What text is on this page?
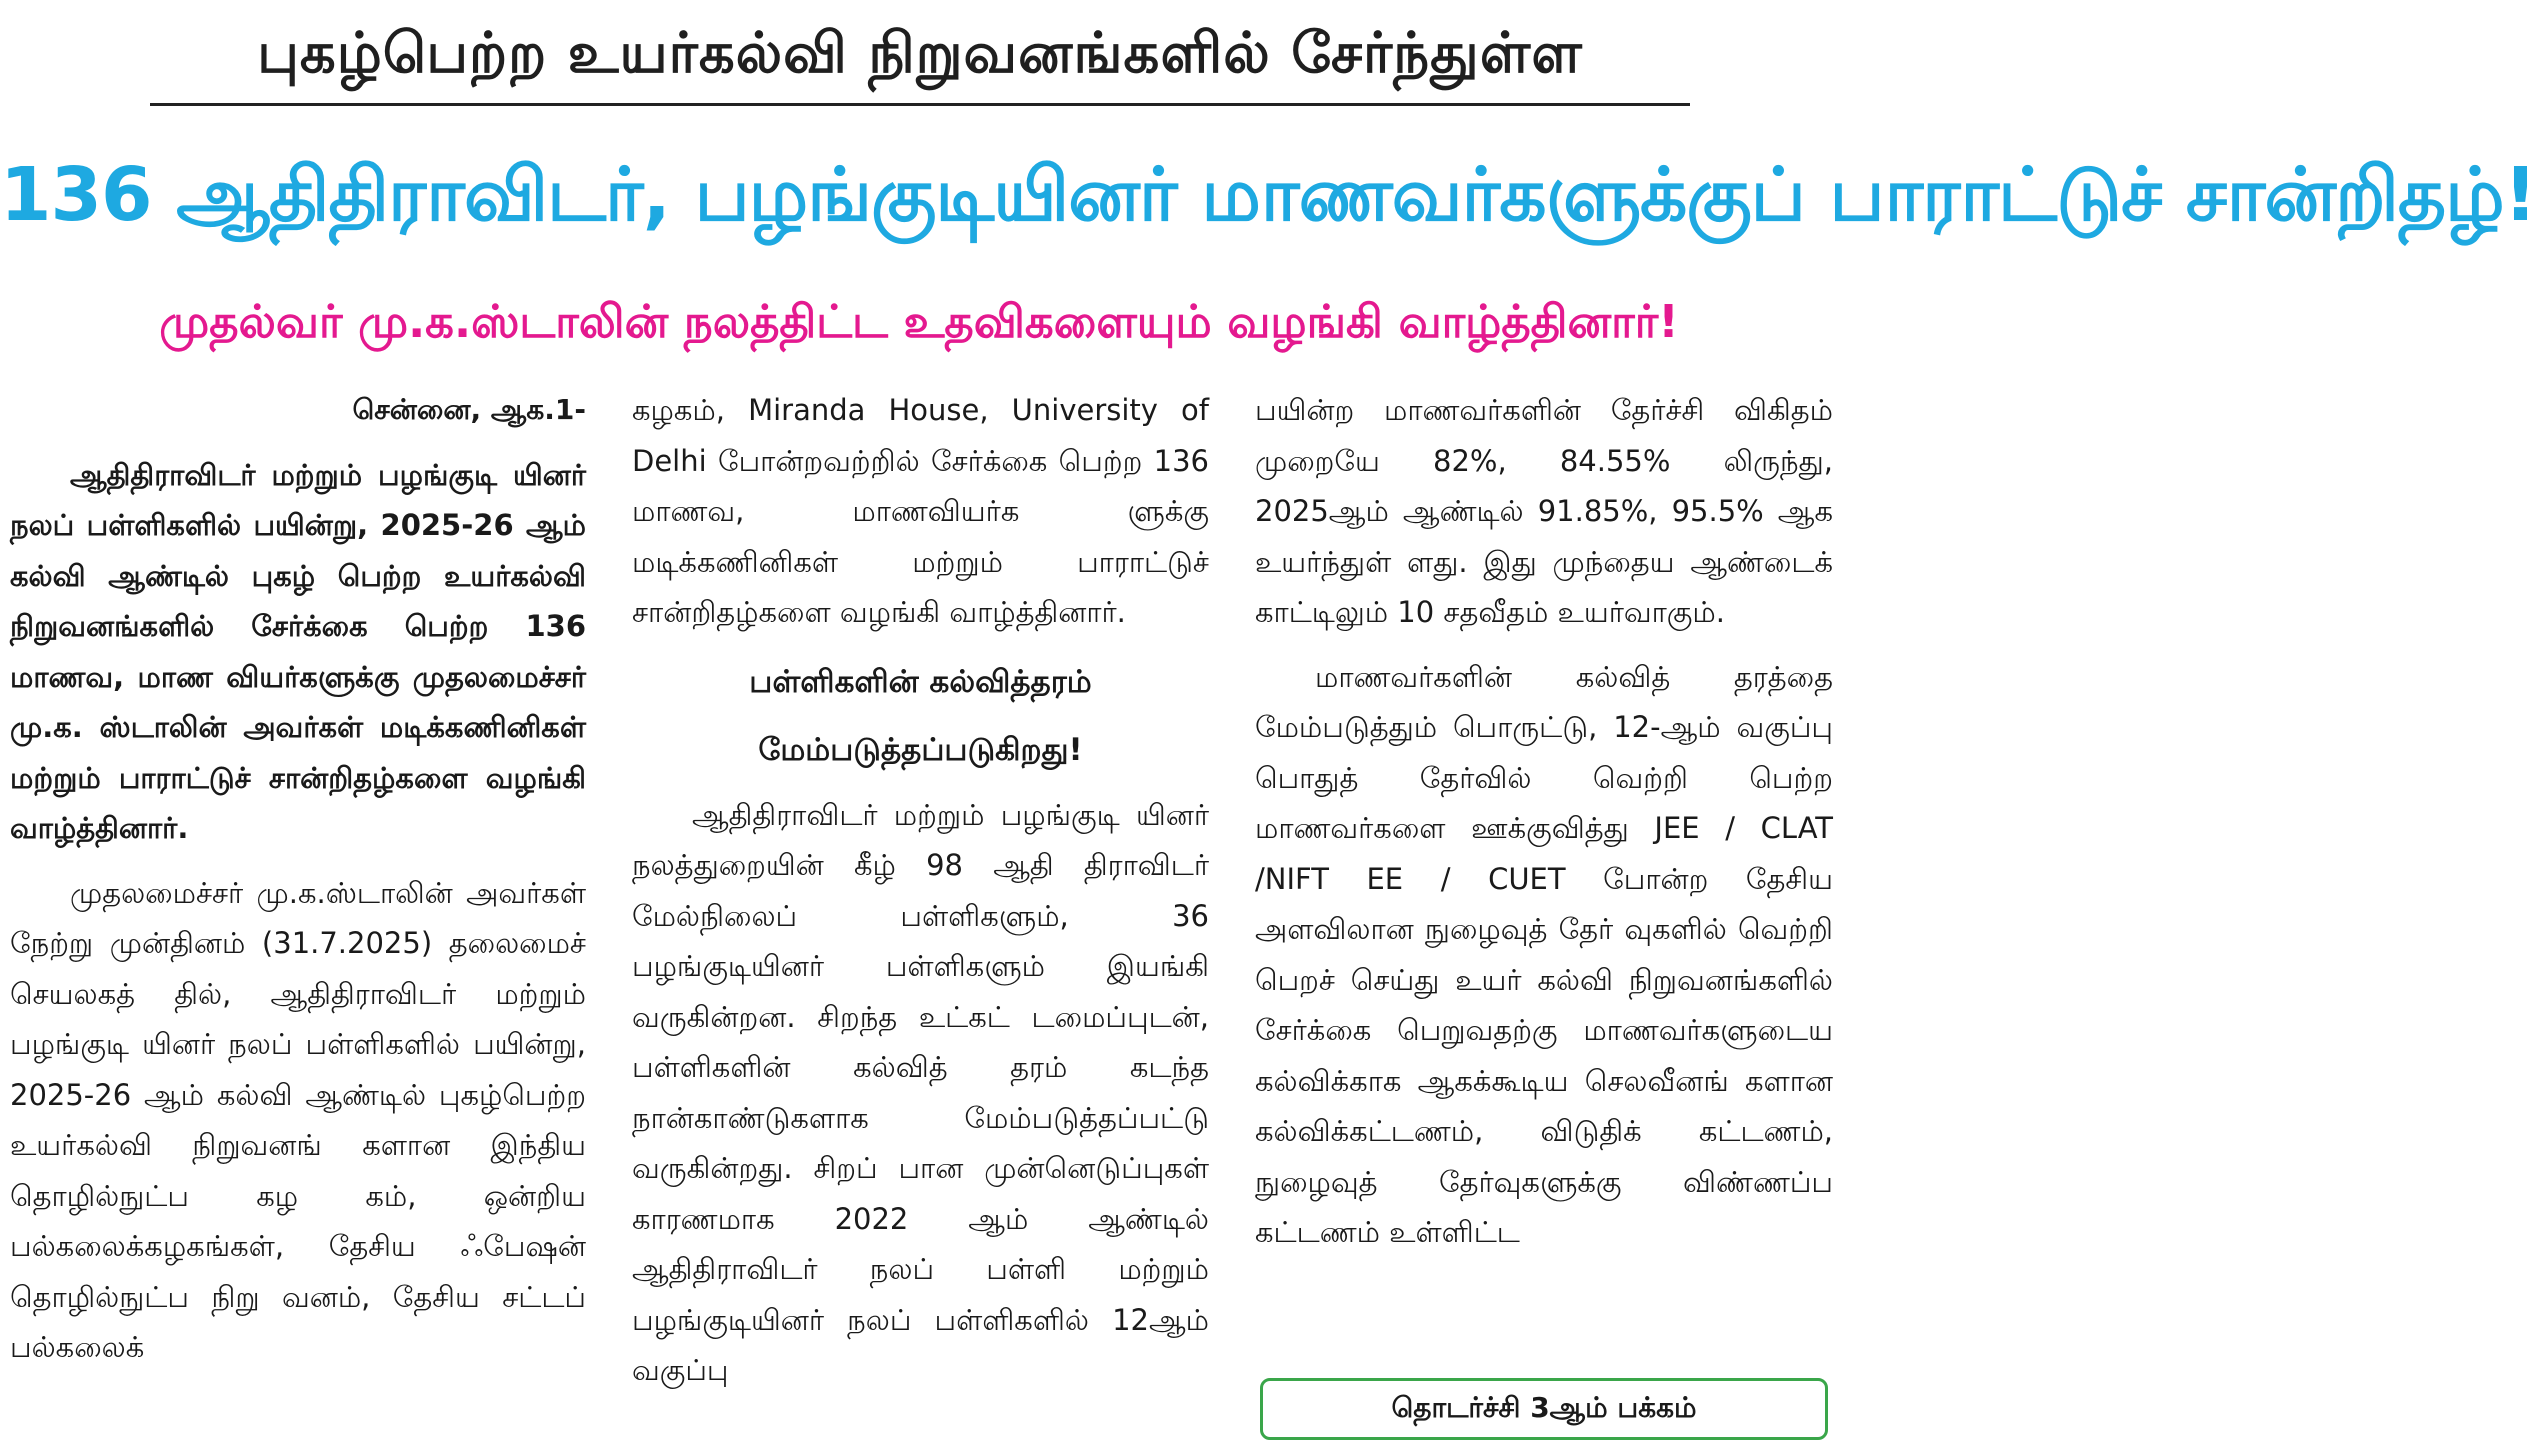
புகழ்பெற்ற உயர்கல்வி நிறுவனங்களில் சேர்ந்துள்ள
136 ஆதிதிராவிடர், பழங்குடியினர் மாணவர்களுக்குப் பாராட்டுச் சான்றிதழ்!
முதல்வர் மு.க.ஸ்டாலின் நலத்திட்ட உதவிகளையும் வழங்கி வாழ்த்தினார்!

சென்னை, ஆக.1-

ஆதிதிராவிடர் மற்றும் பழங்குடி யினர் நலப் பள்ளிகளில் பயின்று, 2025-26 ஆம் கல்வி ஆண்டில் புகழ் பெற்ற உயர்கல்வி நிறுவனங்களில் சேர்க்கை பெற்ற 136 மாணவ, மாண வியர்களுக்கு முதலமைச்சர் மு.க. ஸ்டாலின் அவர்கள் மடிக்கணினிகள் மற்றும் பாராட்டுச் சான்றிதழ்களை வழங்கி வாழ்த்தினார்.

முதலமைச்சர் மு.க.ஸ்டாலின் அவர்கள் நேற்று முன்தினம் (31.7.2025) தலைமைச் செயலகத் தில், ஆதிதிராவிடர் மற்றும் பழங்குடி யினர் நலப் பள்ளிகளில் பயின்று, 2025-26 ஆம் கல்வி ஆண்டில் புகழ்பெற்ற உயர்கல்வி நிறுவனங் களான இந்திய தொழில்நுட்ப கழ கம், ஒன்றிய பல்கலைக்கழகங்கள், தேசிய ஃபேஷன் தொழில்நுட்ப நிறு வனம், தேசிய சட்டப் பல்கலைக்

கழகம், Miranda House, University of Delhi போன்றவற்றில் சேர்க்கை பெற்ற 136 மாணவ, மாணவியர்க ளுக்கு மடிக்கணினிகள் மற்றும் பாராட்டுச் சான்றிதழ்களை வழங்கி வாழ்த்தினார்.

பள்ளிகளின் கல்வித்தரம்

மேம்படுத்தப்படுகிறது!

ஆதிதிராவிடர் மற்றும் பழங்குடி யினர் நலத்துறையின் கீழ் 98 ஆதி திராவிடர் மேல்நிலைப் பள்ளிகளும், 36 பழங்குடியினர் பள்ளிகளும் இயங்கி வருகின்றன. சிறந்த உட்கட் டமைப்புடன், பள்ளிகளின் கல்வித் தரம் கடந்த நான்காண்டுகளாக மேம்படுத்தப்பட்டு வருகின்றது. சிறப் பான முன்னெடுப்புகள் காரணமாக 2022 ஆம் ஆண்டில் ஆதிதிராவிடர் நலப் பள்ளி மற்றும் பழங்குடியினர் நலப் பள்ளிகளில் 12ஆம் வகுப்பு

பயின்ற மாணவர்களின் தேர்ச்சி விகிதம் முறையே 82%, 84.55% லிருந்து, 2025ஆம் ஆண்டில் 91.85%, 95.5% ஆக உயர்ந்துள் ளது. இது முந்தைய ஆண்டைக் காட்டிலும் 10 சதவீதம் உயர்வாகும்.

மாணவர்களின் கல்வித் தரத்தை மேம்படுத்தும் பொருட்டு, 12-ஆம் வகுப்பு பொதுத் தேர்வில் வெற்றி பெற்ற மாணவர்களை ஊக்குவித்து JEE / CLAT /NIFT EE / CUET போன்ற தேசிய அளவிலான நுழைவுத் தேர் வுகளில் வெற்றி பெறச் செய்து உயர் கல்வி நிறுவனங்களில் சேர்க்கை பெறுவதற்கு மாணவர்களுடைய கல்விக்காக ஆகக்கூடிய செலவீனங் களான கல்விக்கட்டணம், விடுதிக் கட்டணம், நுழைவுத் தேர்வுகளுக்கு விண்ணப்ப கட்டணம் உள்ளிட்ட

தொடர்ச்சி 3ஆம் பக்கம்
